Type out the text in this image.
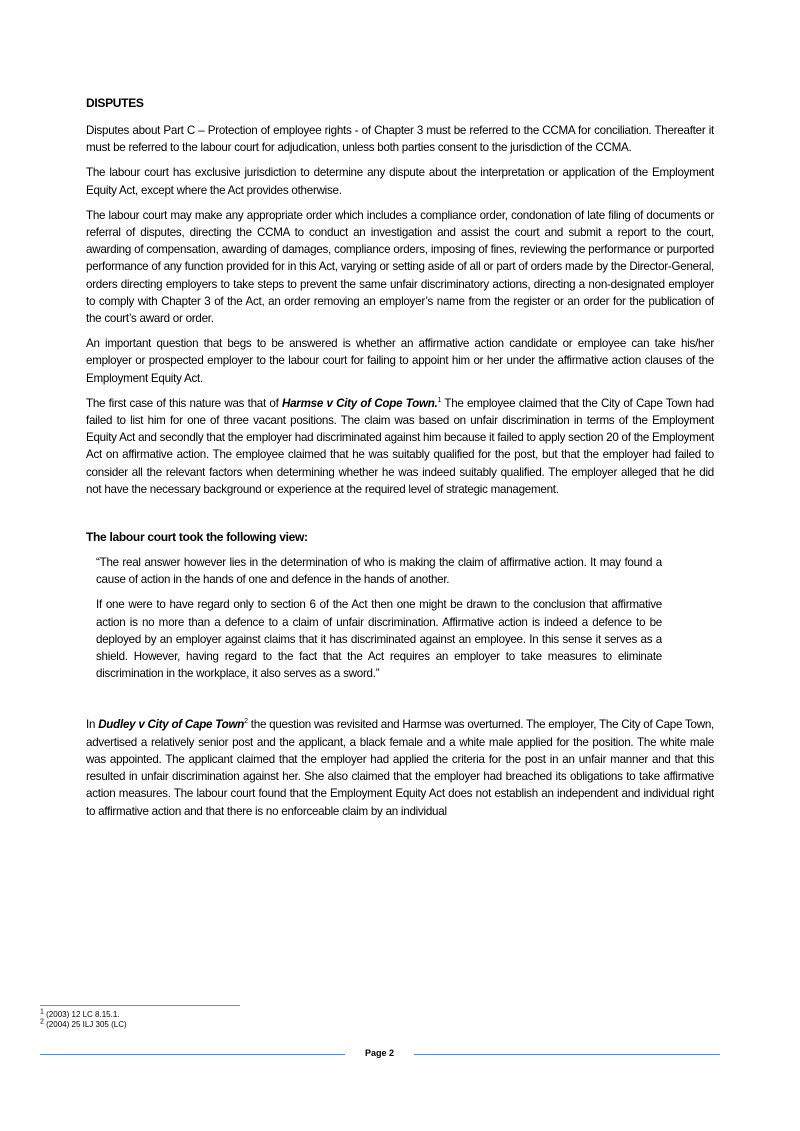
DISPUTES

Disputes about Part C – Protection of employee rights - of Chapter 3 must be referred to the CCMA for conciliation. Thereafter it must be referred to the labour court for adjudication, unless both parties consent to the jurisdiction of the CCMA.

The labour court has exclusive jurisdiction to determine any dispute about the interpretation or application of the Employment Equity Act, except where the Act provides otherwise.

The labour court may make any appropriate order which includes a compliance order, condonation of late filing of documents or referral of disputes, directing the CCMA to conduct an investigation and assist the court and submit a report to the court, awarding of compensation, awarding of damages, compliance orders, imposing of fines, reviewing the performance or purported performance of any function provided for in this Act, varying or setting aside of all or part of orders made by the Director-General, orders directing employers to take steps to prevent the same unfair discriminatory actions, directing a non-designated employer to comply with Chapter 3 of the Act, an order removing an employer’s name from the register or an order for the publication of the court’s award or order.

An important question that begs to be answered is whether an affirmative action candidate or employee can take his/her employer or prospected employer to the labour court for failing to appoint him or her under the affirmative action clauses of the Employment Equity Act.

The first case of this nature was that of Harmse v City of Cope Town.$^1$ The employee claimed that the City of Cape Town had failed to list him for one of three vacant positions. The claim was based on unfair discrimination in terms of the Employment Equity Act and secondly that the employer had discriminated against him because it failed to apply section 20 of the Employment Act on affirmative action. The employee claimed that he was suitably qualified for the post, but that the employer had failed to consider all the relevant factors when determining whether he was indeed suitably qualified. The employer alleged that he did not have the necessary background or experience at the required level of strategic management.

The labour court took the following view:

“The real answer however lies in the determination of who is making the claim of affirmative action. It may found a cause of action in the hands of one and defence in the hands of another.

If one were to have regard only to section 6 of the Act then one might be drawn to the conclusion that affirmative action is no more than a defence to a claim of unfair discrimination. Affirmative action is indeed a defence to be deployed by an employer against claims that it has discriminated against an employee. In this sense it serves as a shield. However, having regard to the fact that the Act requires an employer to take measures to eliminate discrimination in the workplace, it also serves as a sword.”

In Dudley v City of Cape Town$^2$ the question was revisited and Harmse was overturned. The employer, The City of Cape Town, advertised a relatively senior post and the applicant, a black female and a white male applied for the position. The white male was appointed. The applicant claimed that the employer had applied the criteria for the post in an unfair manner and that this resulted in unfair discrimination against her. She also claimed that the employer had breached its obligations to take affirmative action measures. The labour court found that the Employment Equity Act does not establish an independent and individual right to affirmative action and that there is no enforceable claim by an individual

$^1$ (2003) 12 LC 8.15.1.

$^2$ (2004) 25 ILJ 305 (LC)

Page 2
